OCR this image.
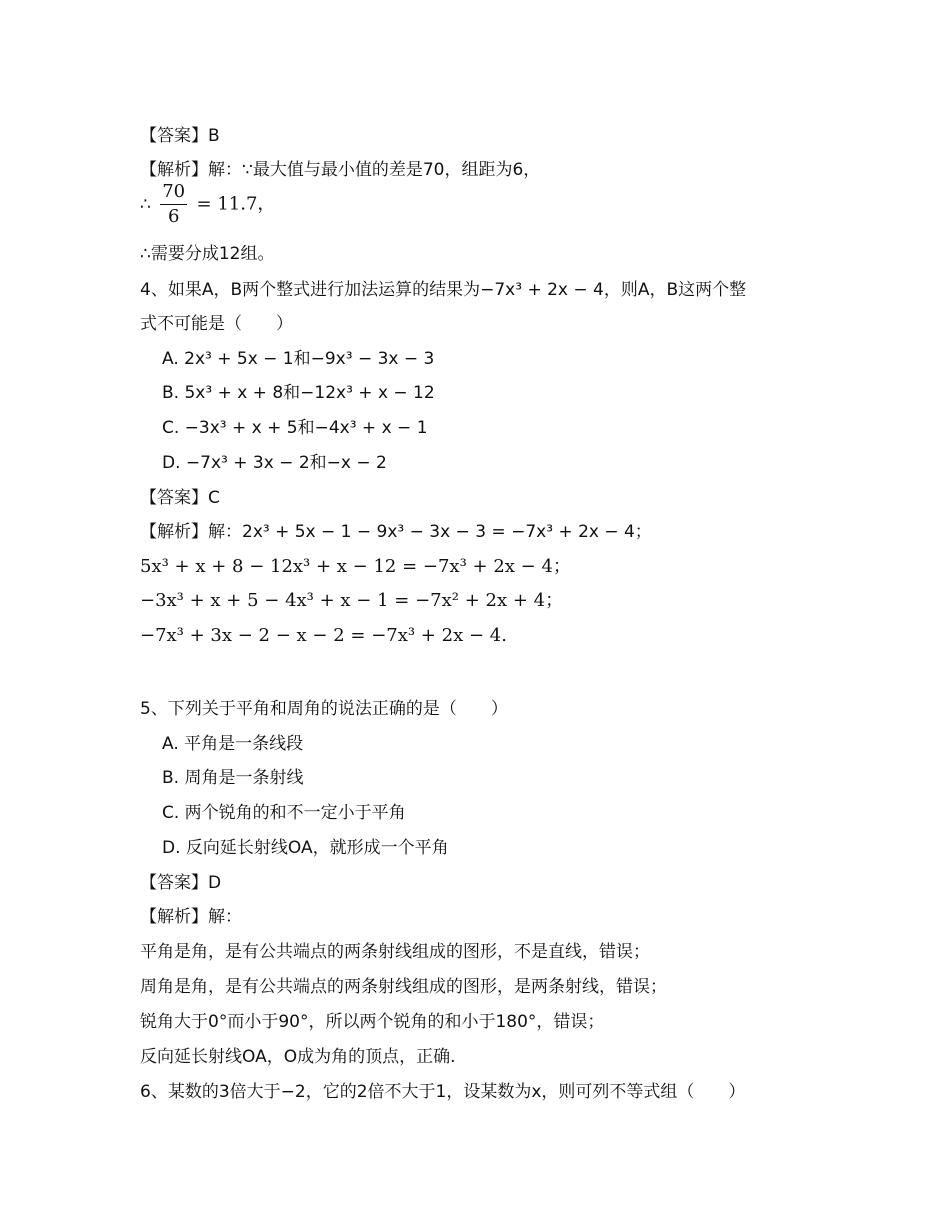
【答案】B
【解析】解：∵最大值与最小值的差是70，组距为6，
∴ $\frac{70}{6} = 11.7$，
∴需要分成12组。
4、如果A，B两个整式进行加法运算的结果为−7x³ + 2x − 4，则A，B这两个整
式不可能是（　　）
A. 2x³ + 5x − 1和−9x³ − 3x − 3
B. 5x³ + x + 8和−12x³ + x − 12
C. −3x³ + x + 5和−4x³ + x − 1
D. −7x³ + 3x − 2和−x − 2
【答案】C
【解析】解：2x³ + 5x − 1 − 9x³ − 3x − 3 = −7x³ + 2x − 4；
5x³ + x + 8 − 12x³ + x − 12 = −7x³ + 2x − 4；
−3x³ + x + 5 − 4x³ + x − 1 = −7x² + 2x + 4；
−7x³ + 3x − 2 − x − 2 = −7x³ + 2x − 4.
5、下列关于平角和周角的说法正确的是（　　）
A. 平角是一条线段
B. 周角是一条射线
C. 两个锐角的和不一定小于平角
D. 反向延长射线OA，就形成一个平角
【答案】D
【解析】解：
平角是角，是有公共端点的两条射线组成的图形，不是直线，错误；
周角是角，是有公共端点的两条射线组成的图形，是两条射线，错误；
锐角大于0°而小于90°，所以两个锐角的和小于180°，错误；
反向延长射线OA，O成为角的顶点，正确.
6、某数的3倍大于−2，它的2倍不大于1，设某数为x，则可列不等式组（　　）
